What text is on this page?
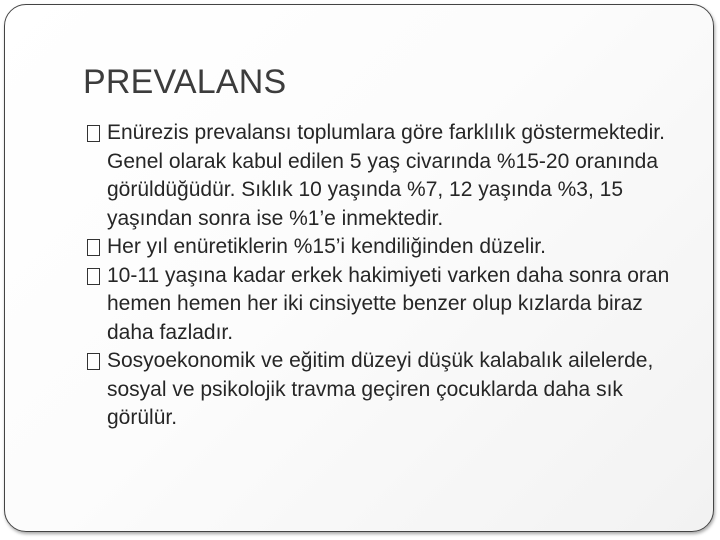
PREVALANS
Enürezis prevalansı toplumlara göre farklılık göstermektedir. Genel olarak kabul edilen 5 yaş civarında %15-20 oranında görüldüğüdür. Sıklık 10 yaşında %7, 12 yaşında %3, 15 yaşından sonra ise %1’e inmektedir.
Her yıl enüretiklerin %15’i kendiliğinden düzelir.
10-11 yaşına kadar erkek hakimiyeti varken daha sonra oran hemen hemen her iki cinsiyette benzer olup kızlarda biraz daha fazladır.
Sosyoekonomik ve eğitim düzeyi düşük kalabalık ailelerde, sosyal ve psikolojik travma geçiren çocuklarda daha sık görülür.
